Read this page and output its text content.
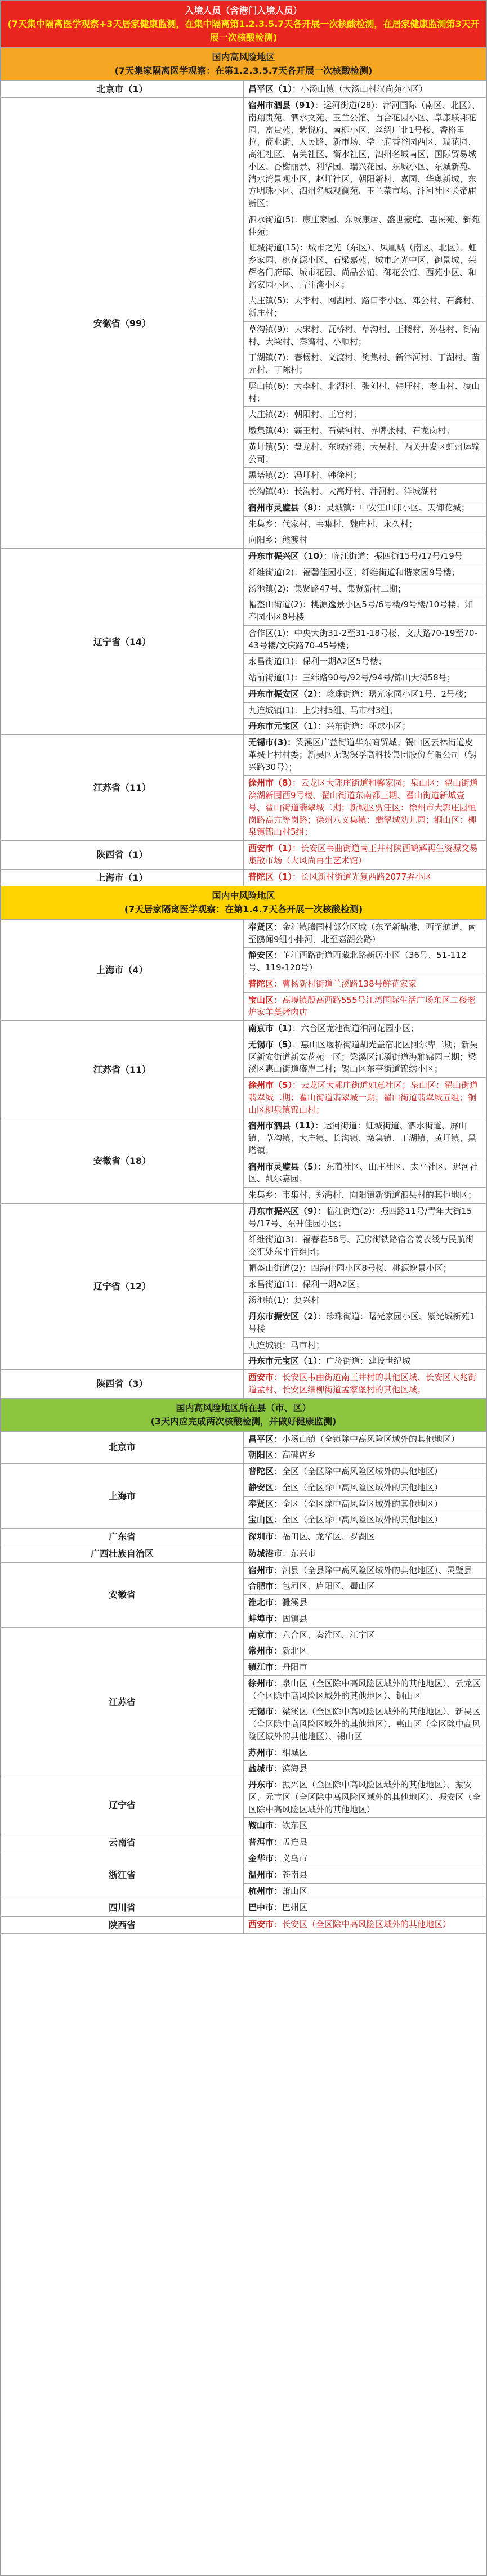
入境人员（含港门入境人员）
(7天集中隔离医学观察+3天居家健康监测，在集中隔离第1.2.3.5.7天各开展一次核酸检测，在居家健康监测第3天开展一次核酸检测)	

国内高风险地区
(7天集家隔离医学观察：在第1.2.3.5.7天各开展一次核酸检测)	

北京市（1）	昌平区（1）：小汤山镇（大汤山村汉尚苑小区）
安徽省（99）	宿州市泗县（91）：运河街道(28)：汴河国际（南区、北区）、南翔贵苑、泗水文苑、玉兰公馆、百合花园小区、阜康联邦花园、富贵苑、紫悦府、南柳小区、丝绸厂北1号楼、香格里拉、商业街、人民路、新市场、学士府香谷园西区、瑞花园、高汇社区、南关社区、衡水社区、泗州名城南区、国际贸易城小区、香榭丽景、利华园、瑞兴花园、东城小区、东城新苑、清水湾景观小区、赵圩社区、朝阳新村、嘉园、华奥新城、东方明珠小区、泗州名城观澜苑、玉兰菜市场、汴河社区关帝庙新区；
	泗水街道(5)：康庄家园、东城康居、盛世豪庭、惠民苑、新苑佳苑；
	虹城街道(15)：城市之光（东区）、凤凰城（南区、北区）、虹乡家园、桃花源小区、石梁嘉苑、城市之光中区、御景城、荣辉名门府邸、城市花园、尚品公馆、御花公馆、西苑小区、和谐家园小区、古汴湾小区；
	大庄镇(5)：大李村、网湖村、路口李小区、邓公村、石鑫村、新庄村；
	草沟镇(9)：大宋村、瓦桥村、草沟村、王楼村、孙巷村、街南村、大梁村、秦湾村、小顺村；
	丁湖镇(7)：春杨村、义渡村、樊集村、新汴河村、丁湖村、苗元村、丁陈村；
	屏山镇(6)：大李村、北湖村、张刘村、韩圩村、老山村、凌山村；
	大庄镇(2)：朝阳村、王宫村；
	墩集镇(4)：霸王村、石梁河村、界牌张村、石龙岗村；
	黄圩镇(5)：盘龙村、东城驿苑、大吴村、西关开发区虹州运输公司；
	黑塔镇(2)：冯圩村、韩徐村；
	长沟镇(4)：长沟村、大高圩村、汴河村、洋城湖村
	宿州市灵璧县（8）：灵城镇：中安江山印小区、天御花城；
	朱集乡：代家村、韦集村、魏庄村、永久村；
	向阳乡：熊渡村
辽宁省（14）	丹东市振兴区（10）：临江街道：振四街15号/17号/19号
	纤维街道(2)：福馨佳园小区；纤维街道和谐家园9号楼；
	汤池镇(2)：集贤路47号、集贤新村二期；
	帽盔山街道(2)：桃源逸景小区5号/6号楼/9号楼/10号楼；知春园小区8号楼
	合作区(1)：中央大街31-2至31-18号楼、文庆路70-19至70-43号楼/文庆路70-45号楼；
	永昌街道(1)：保利一期A2区5号楼；
	站前街道(1)：三纬路90号/92号/94号/锦山大街58号；
	丹东市振安区（2）：珍珠街道：曙光家园小区1号、2号楼；
	九连城镇(1)：上尖村5组、马市村3组；
	丹东市元宝区（1）：兴东街道：环球小区；
江苏省（11）	无锡市(3)：梁溪区广益街道华东商贸城；锡山区云林街道皮革城七村村委；新吴区无锡深孚高科技集团股份有限公司（锡兴路30号）；
	徐州市（8）：云龙区大郭庄街道和馨家园；泉山区：翟山街道滨湖新囤西9号楼、翟山街道东南都三期、翟山街道新城壹号、翟山街道翡翠城二期；新城区贾汪区：徐州市大郭庄园恒岗路高亢等岗路；徐州八义集镇：翡翠城幼儿园；铜山区：柳泉镇锦山村5组；
陕西省（1）	西安市（1）：长安区韦曲街道南王井村陕西鹤辉再生资源交易集散市场（大风尚再生艺术馆）
上海市（1）	普陀区（1）：长风新村街道光复西路2077弄小区

国内中风险地区
(7天居家隔离医学观察：在第1.4.7天各开展一次核酸检测)	

上海市（4）	奉贤区：金汇镇腾国村部分区域（东至新塘港，西至航道，南至鸥闻9组小排河，北至嘉湖公路）
	静安区：芷江西路街道西藏北路新居小区（36号、51-112号、119-120号）
	普陀区：曹杨新村街道兰溪路138号鲜花家家
	宝山区：高境镇殷高西路555号江湾国际生活广场东区二楼老炉家羊羹烤肉店
江苏省（11）	南京市（1）：六合区龙池街道泊河花园小区；
	无锡市（5）：惠山区堰桥街道胡光盖宿北区阿尔卑二期；新吴区新安街道新安花苑一区；梁溪区江溪街道海雅锦园三期；梁溪区惠山街道盛岸二村；锡山区东亭街道锦绣小区；
	徐州市（5）：云龙区大郭庄街道如意社区；泉山区：翟山街道翡翠城二期；翟山街道翡翠城一期；翟山街道翡翠城五组；铜山区柳泉镇锦山村；
安徽省（18）	宿州市泗县（11）：运河街道：虹城街道、泗水街道、屏山镇、草沟镇、大庄镇、长沟镇、墩集镇、丁湖镇、黄圩镇、黑塔镇；
	宿州市灵璧县（5）：东蔺社区、山庄社区、太平社区、迟河社区、凯尔嘉园；
	朱集乡：韦集村、郑湾村、向阳镇新街道泗县村的其他地区；
辽宁省（12）	丹东市振兴区（9）：临江街道(2)：振四路11号/青年大街15号/17号、东升佳园小区；
	纤维街道(3)：福春巷58号、瓦房街铁路宿舍姜衣线与民航街交汇处东平行组团；
	帽盔山街道(2)：四海佳园小区8号楼、桃源逸景小区；
	永昌街道(1)：保利一期A2区；
	汤池镇(1)：复兴村
	丹东市振安区（2）：珍珠街道：曙光家园小区、紫光城新苑1号楼
	九连城镇：马市村；
	丹东市元宝区（1）：广济街道：建设世纪城
陕西省（3）	西安市：长安区韦曲街道南王井村的其他区域、长安区大兆街道孟村、长安区细柳街道孟家堡村的其他区域；

国内高风险地区所在县（市、区）
(3天内应完成两次核酸检测，并做好健康监测)	

北京市	昌平区：小汤山镇（全镇除中高风险区域外的其他地区）
	朝阳区：高碑店乡
上海市	普陀区：全区（全区除中高风险区域外的其他地区）
	静安区：全区（全区除中高风险区域外的其他地区）
	奉贤区：全区（全区除中高风险区域外的其他地区）
	宝山区：全区（全区除中高风险区域外的其他地区）
广东省	深圳市：福田区、龙华区、罗湖区
广西壮族自治区	防城港市：东兴市
安徽省	宿州市：泗县（全县除中高风险区域外的其他地区）、灵璧县
	合肥市：包河区、庐阳区、蜀山区
	淮北市：濉溪县
	蚌埠市：固镇县
江苏省	南京市：六合区、秦淮区、江宁区
	常州市：新北区
	镇江市：丹阳市
	徐州市：泉山区（全区除中高风险区域外的其他地区）、云龙区（全区除中高风险区域外的其他地区）、铜山区
	无锡市：梁溪区（全区除中高风险区域外的其他地区）、新吴区（全区除中高风险区域外的其他地区）、惠山区（全区除中高风险区域外的其他地区）、锡山区
	苏州市：相城区
	盐城市：滨海县
辽宁省	丹东市：振兴区（全区除中高风险区域外的其他地区）、振安区、元宝区（全区除中高风险区域外的其他地区）、振安区（全区除中高风险区域外的其他地区）
	鞍山市：铁东区
云南省	普洱市：孟连县
浙江省	金华市：义乌市
	温州市：苍南县
	杭州市：萧山区
四川省	巴中市：巴州区
陕西省	西安市：长安区（全区除中高风险区域外的其他地区）
